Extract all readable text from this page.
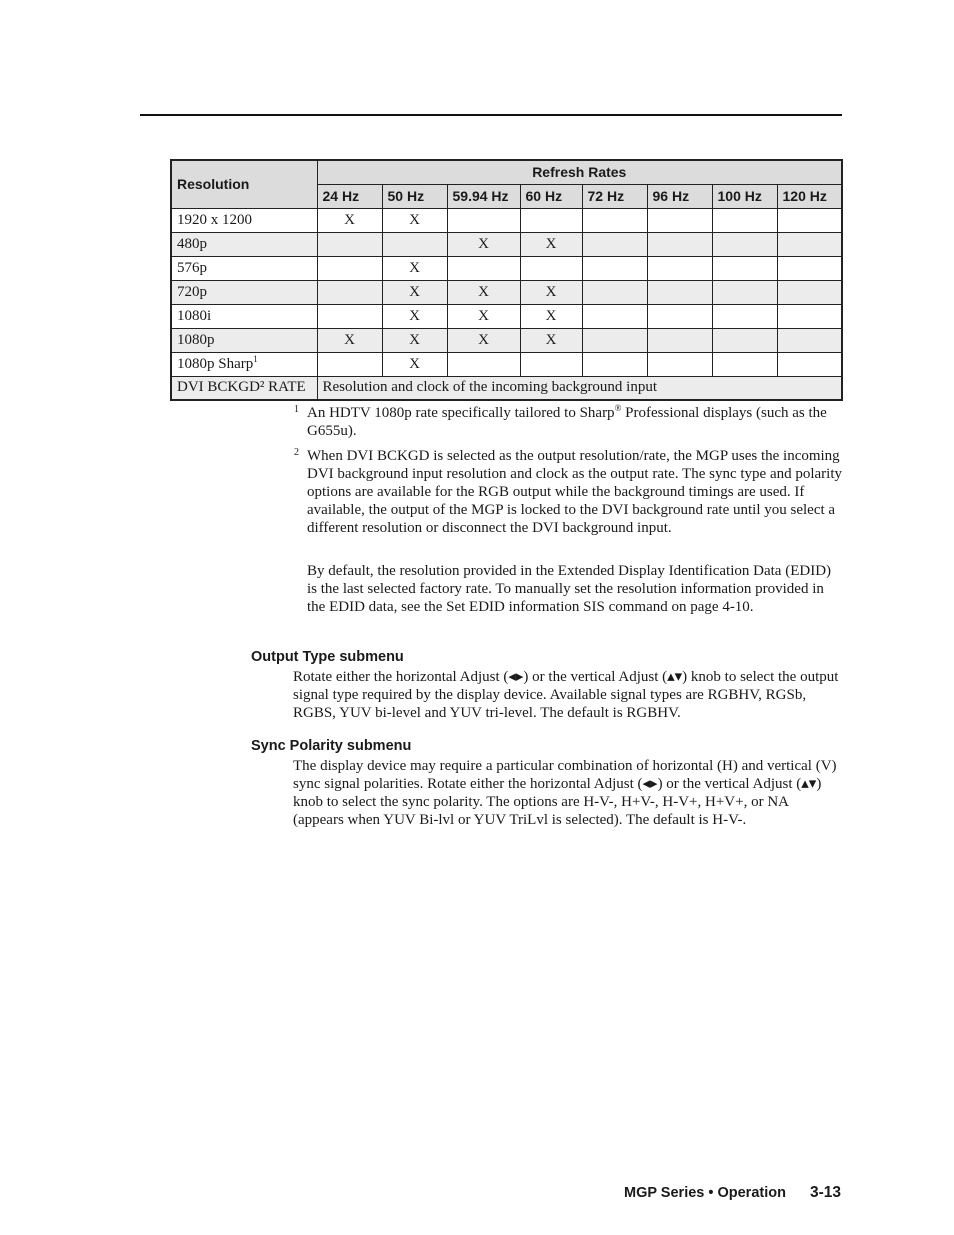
Resolution	Refresh Rates							
	24 Hz	50 Hz	59.94 Hz	60 Hz	72 Hz	96 Hz	100 Hz	120 Hz
1920 x 1200	X	X						
480p			X	X				
576p		X						
720p		X	X	X				
1080i		X	X	X				
1080p	X	X	X	X				
1080p Sharp$^1$		X						
DVI BCKGD² RATE	Resolution and clock of the incoming background input							
1 An HDTV 1080p rate specifically tailored to Sharp® Professional displays (such as the G655u).
2 When DVI BCKGD is selected as the output resolution/rate, the MGP uses the incoming DVI background input resolution and clock as the output rate. The sync type and polarity options are available for the RGB output while the background timings are used. If available, the output of the MGP is locked to the DVI background rate until you select a different resolution or disconnect the DVI background input.
By default, the resolution provided in the Extended Display Identification Data (EDID) is the last selected factory rate. To manually set the resolution information provided in the EDID data, see the Set EDID information SIS command on page 4-10.
Output Type submenu
Rotate either the horizontal Adjust (◂▸) or the vertical Adjust (▴▾) knob to select the output signal type required by the display device. Available signal types are RGBHV, RGSb, RGBS, YUV bi-level and YUV tri-level. The default is RGBHV.
Sync Polarity submenu
The display device may require a particular combination of horizontal (H) and vertical (V) sync signal polarities. Rotate either the horizontal Adjust (◂▸) or the vertical Adjust (▴▾) knob to select the sync polarity. The options are H-V-, H+V-, H-V+, H+V+, or NA (appears when YUV Bi-lvl or YUV TriLvl is selected). The default is H-V-.
MGP Series • Operation 3-13
